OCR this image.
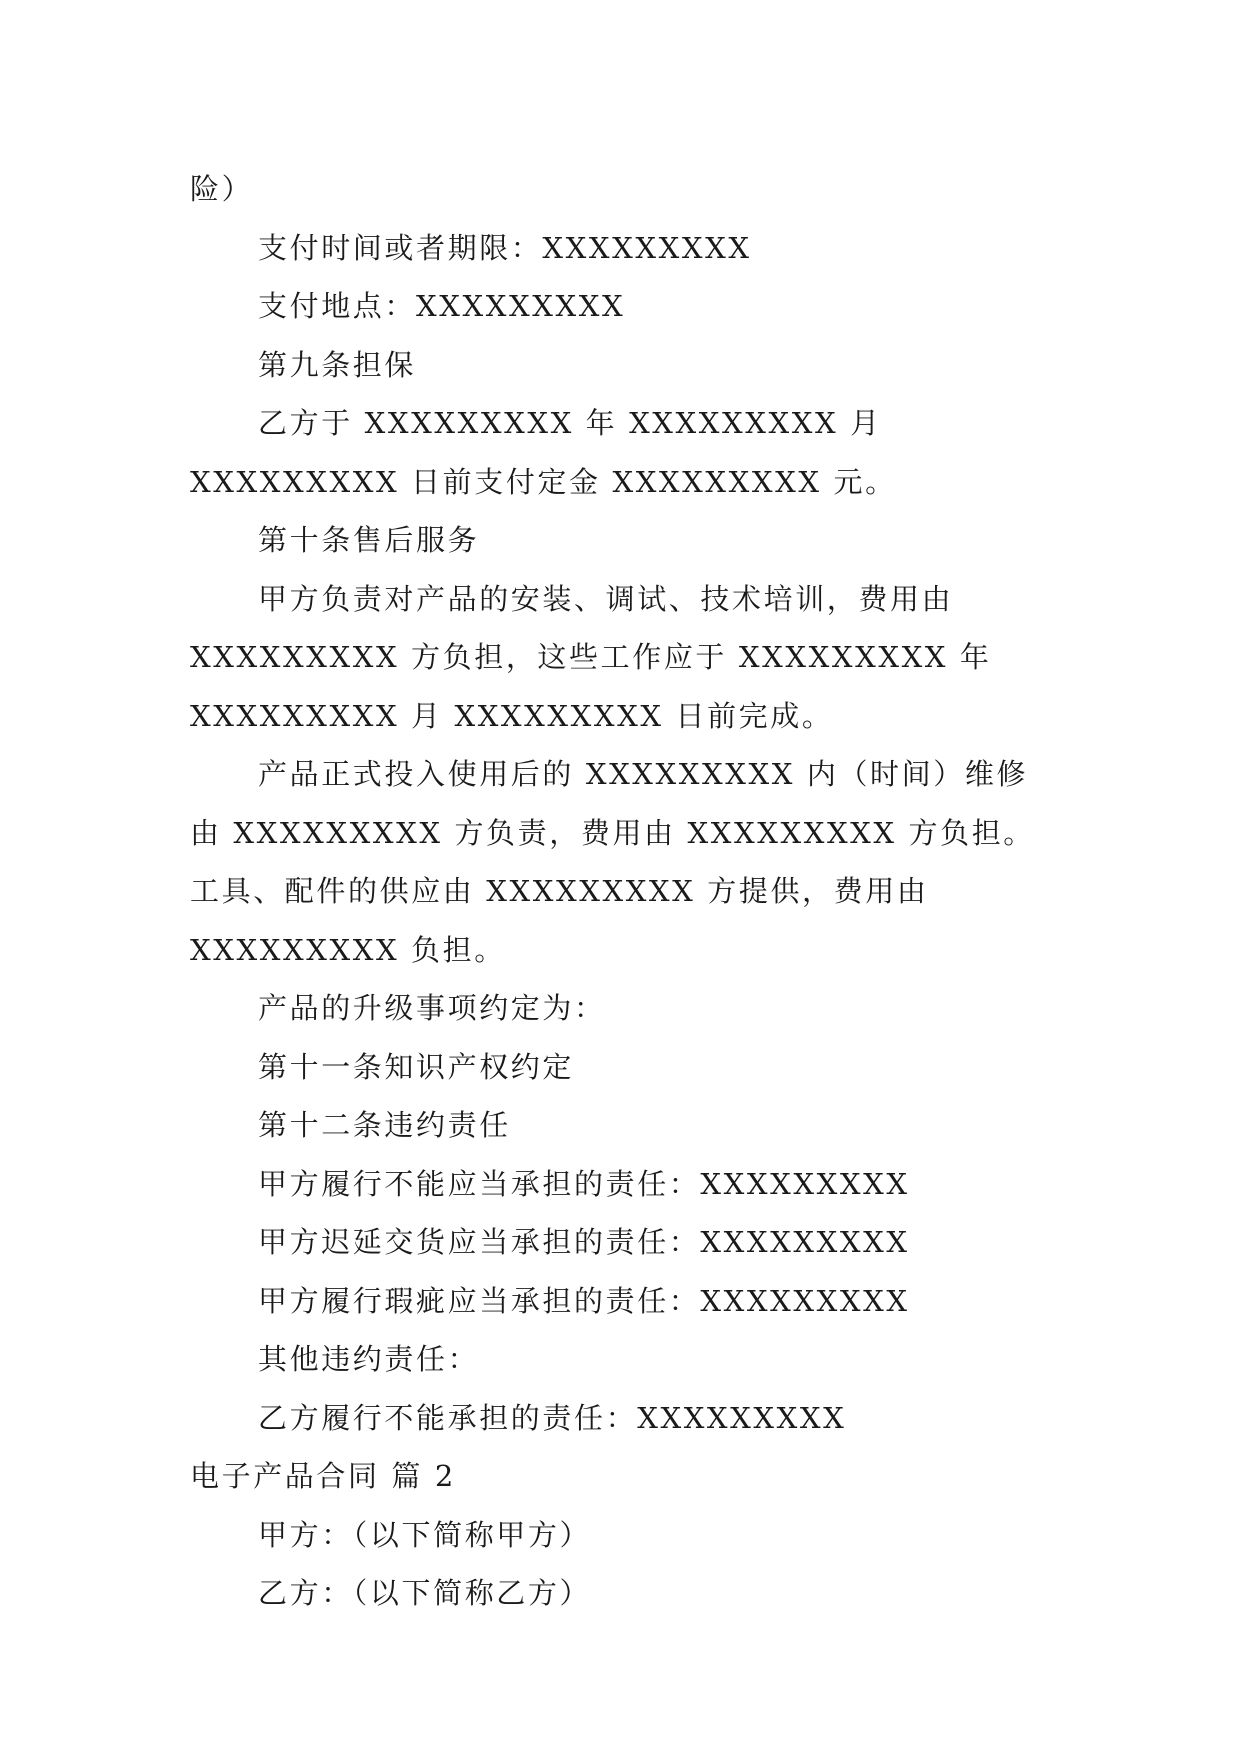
险）

支付时间或者期限：XXXXXXXXX

支付地点：XXXXXXXXX

第九条担保

乙方于 XXXXXXXXX 年 XXXXXXXXX 月 XXXXXXXXX 日前支付定金 XXXXXXXXX 元。

第十条售后服务

甲方负责对产品的安装、调试、技术培训，费用由 XXXXXXXXX 方负担，这些工作应于 XXXXXXXXX 年 XXXXXXXXX 月 XXXXXXXXX 日前完成。

产品正式投入使用后的 XXXXXXXXX 内（时间）维修由 XXXXXXXXX 方负责，费用由 XXXXXXXXX 方负担。工具、配件的供应由 XXXXXXXXX 方提供，费用由 XXXXXXXXX 负担。

产品的升级事项约定为：

第十一条知识产权约定

第十二条违约责任

甲方履行不能应当承担的责任：XXXXXXXXX

甲方迟延交货应当承担的责任：XXXXXXXXX

甲方履行瑕疵应当承担的责任：XXXXXXXXX

其他违约责任：

乙方履行不能承担的责任：XXXXXXXXX

电子产品合同 篇 2

甲方：（以下简称甲方）

乙方：（以下简称乙方）
